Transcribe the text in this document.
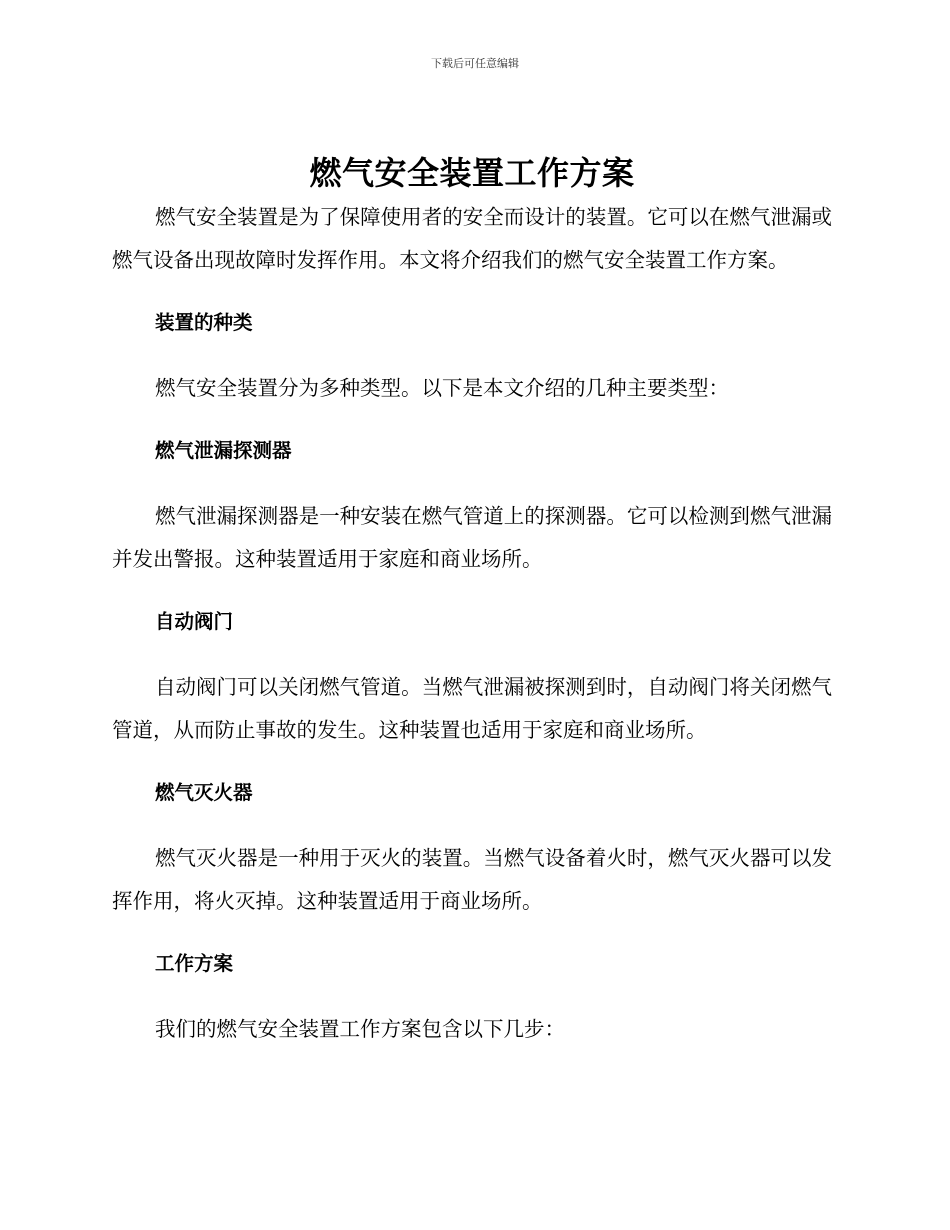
下载后可任意编辑
燃气安全装置工作方案

燃气安全装置是为了保障使用者的安全而设计的装置。它可以在燃气泄漏或燃气设备出现故障时发挥作用。本文将介绍我们的燃气安全装置工作方案。

装置的种类

燃气安全装置分为多种类型。以下是本文介绍的几种主要类型：

燃气泄漏探测器

燃气泄漏探测器是一种安装在燃气管道上的探测器。它可以检测到燃气泄漏并发出警报。这种装置适用于家庭和商业场所。

自动阀门

自动阀门可以关闭燃气管道。当燃气泄漏被探测到时，自动阀门将关闭燃气管道，从而防止事故的发生。这种装置也适用于家庭和商业场所。

燃气灭火器

燃气灭火器是一种用于灭火的装置。当燃气设备着火时，燃气灭火器可以发挥作用，将火灭掉。这种装置适用于商业场所。

工作方案

我们的燃气安全装置工作方案包含以下几步：
